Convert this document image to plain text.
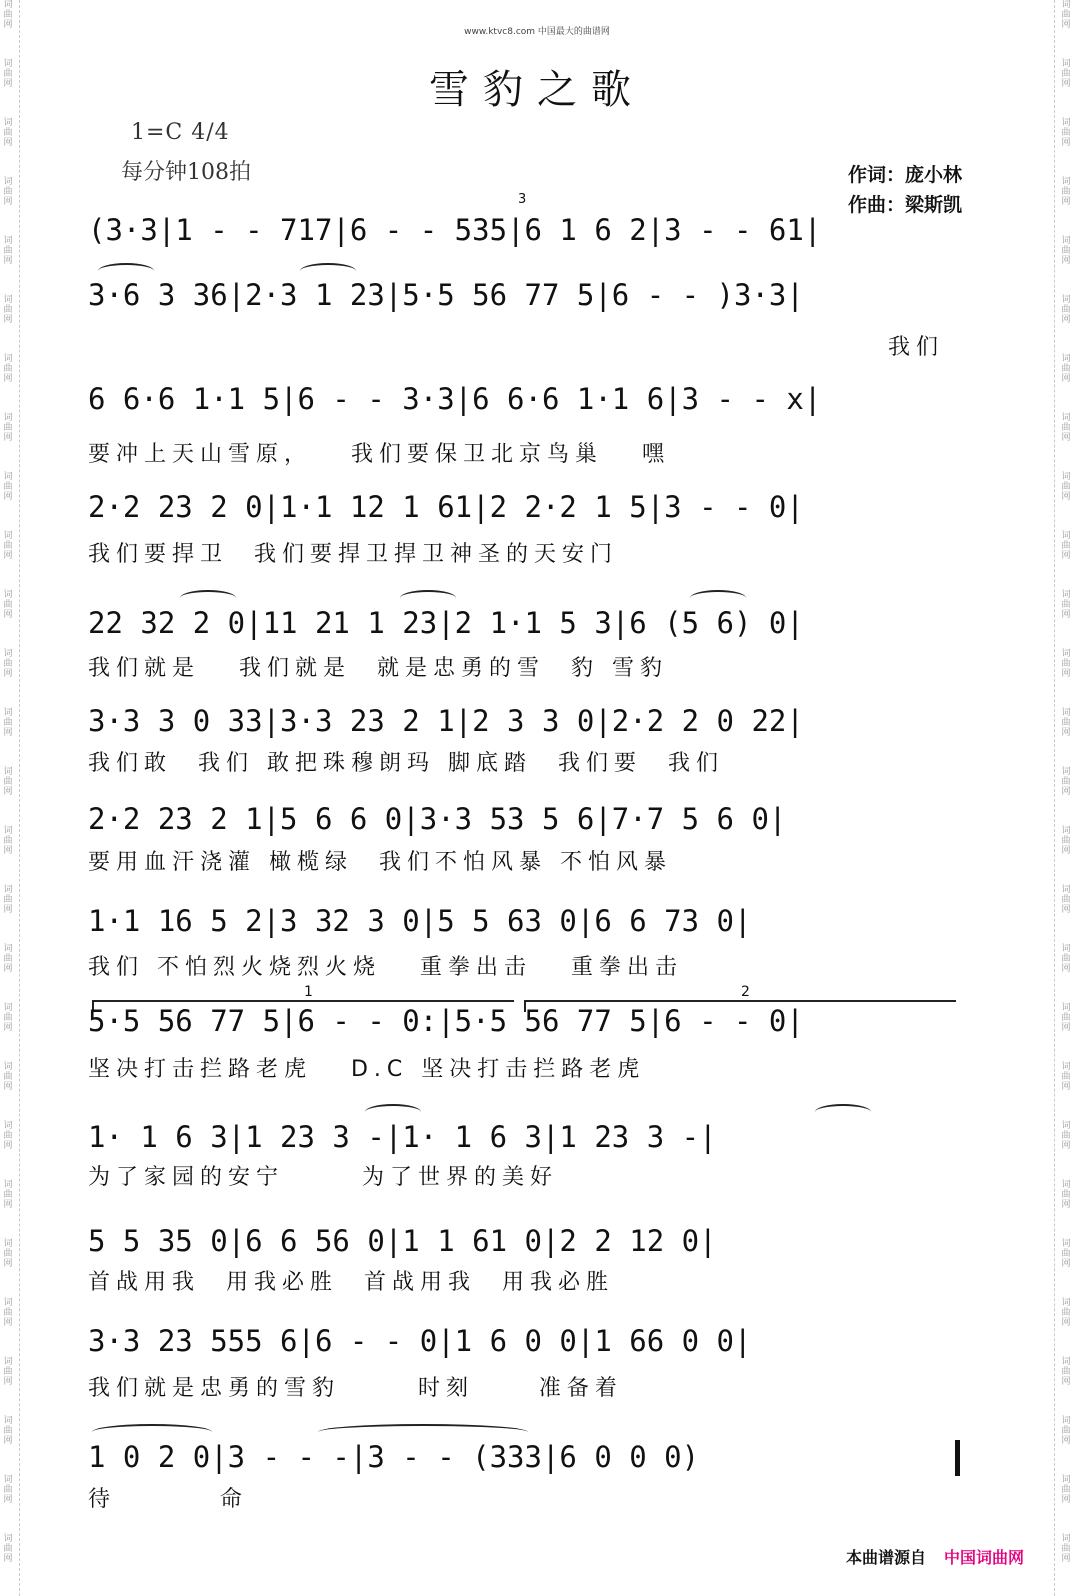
词曲网
词曲网
词曲网
词曲网
词曲网
词曲网
词曲网
词曲网
词曲网
词曲网
词曲网
词曲网
词曲网
词曲网
词曲网
词曲网
词曲网
词曲网
词曲网
词曲网
词曲网
词曲网
词曲网
词曲网
词曲网
词曲网
词曲网
词曲网
词曲网
词曲网
词曲网
词曲网
词曲网
词曲网
词曲网
词曲网
词曲网
词曲网
词曲网
词曲网
词曲网
词曲网
词曲网
词曲网
词曲网
词曲网
词曲网
词曲网
词曲网
词曲网
词曲网
词曲网
词曲网
词曲网
www.ktvc8.com 中国最大的曲谱网
雪豹之歌
1=C 4/4
每分钟108拍	作词：庞小林
作曲：梁斯凯
3
1	2
(3·3|1 - - 717|6 - - 535|6 1 6 2|3 - - 61|
3·6 3 36|2·3 1 23|5·5 56 77 5|6 - - )3·3|
我们
6 6·6 1·1 5|6 - - 3·3|6 6·6 1·1 6|3 - - x|
要冲上天山雪原，   我们要保卫北京鸟巢   嘿
2·2 23 2 0|1·1 12 1 61|2 2·2 1 5|3 - - 0|
我们要捍卫  我们要捍卫捍卫神圣的天安门
22 32 2 0|11 21 1 23|2 1·1 5 3|6 (5 6) 0|
我们就是   我们就是  就是忠勇的雪  豹 雪豹
3·3 3 0 33|3·3 23 2 1|2 3 3 0|2·2 2 0 22|
我们敢  我们 敢把珠穆朗玛 脚底踏  我们要  我们
2·2 23 2 1|5 6 6 0|3·3 53 5 6|7·7 5 6 0|
要用血汗浇灌 橄榄绿  我们不怕风暴 不怕风暴
1·1 16 5 2|3 32 3 0|5 5 63 0|6 6 73 0|
我们 不怕烈火烧烈火烧   重拳出击   重拳出击
5·5 56 77 5|6 - - 0:|5·5 56 77 5|6 - - 0|
坚决打击拦路老虎   D.C 坚决打击拦路老虎
1· 1 6 3|1 23 3 -|1· 1 6 3|1 23 3 -|
为了家园的安宁      为了世界的美好
5 5 35 0|6 6 56 0|1 1 61 0|2 2 12 0|
首战用我  用我必胜  首战用我  用我必胜
3·3 23 555 6|6 - - 0|1 6 0 0|1 66 0 0|
我们就是忠勇的雪豹      时刻     准备着
1 0 2 0|3 - - -|3 - - (333|6 0 0 0)
待        命
本曲谱源自 中国词曲网
